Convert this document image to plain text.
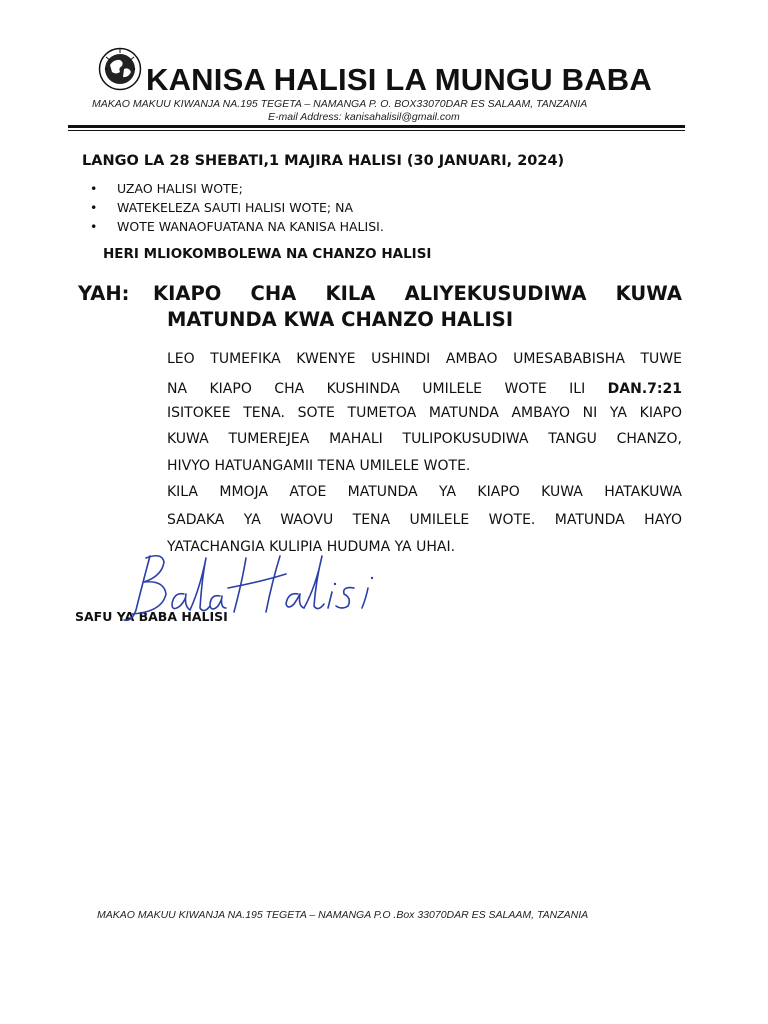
KANISA HALISI LA MUNGU BABA
MAKAO MAKUU KIWANJA NA.195 TEGETA – NAMANGA P. O. BOX33070DAR ES SALAAM, TANZANIA
E-mail Address: kanisahalisil@gmail.com
LANGO LA 28 SHEBATI,1 MAJIRA HALISI (30 JANUARI, 2024)
• UZAO HALISI WOTE;
• WATEKELEZA SAUTI HALISI WOTE; NA
• WOTE WANAOFUATANA NA KANISA HALISI.
HERI MLIOKOMBOLEWA NA CHANZO HALISI
YAH: KIAPO CHA KILA ALIYEKUSUDIWA KUWA
MATUNDA KWA CHANZO HALISI
LEO TUMEFIKA KWENYE USHINDI AMBAO UMESABABISHA TUWE
NA KIAPO CHA KUSHINDA UMILELE WOTE ILI DAN.7:21
ISITOKEE TENA. SOTE TUMETOA MATUNDA AMBAYO NI YA KIAPO
KUWA TUMEREJEA MAHALI TULIPOKUSUDIWA TANGU CHANZO,
HIVYO HATUANGAMII TENA UMILELE WOTE.
KILA MMOJA ATOE MATUNDA YA KIAPO KUWA HATAKUWA
SADAKA YA WAOVU TENA UMILELE WOTE. MATUNDA HAYO
YATACHANGIA KULIPIA HUDUMA YA UHAI.
SAFU YA BABA HALISI
MAKAO MAKUU KIWANJA NA.195 TEGETA – NAMANGA P.O .Box 33070DAR ES SALAAM, TANZANIA
